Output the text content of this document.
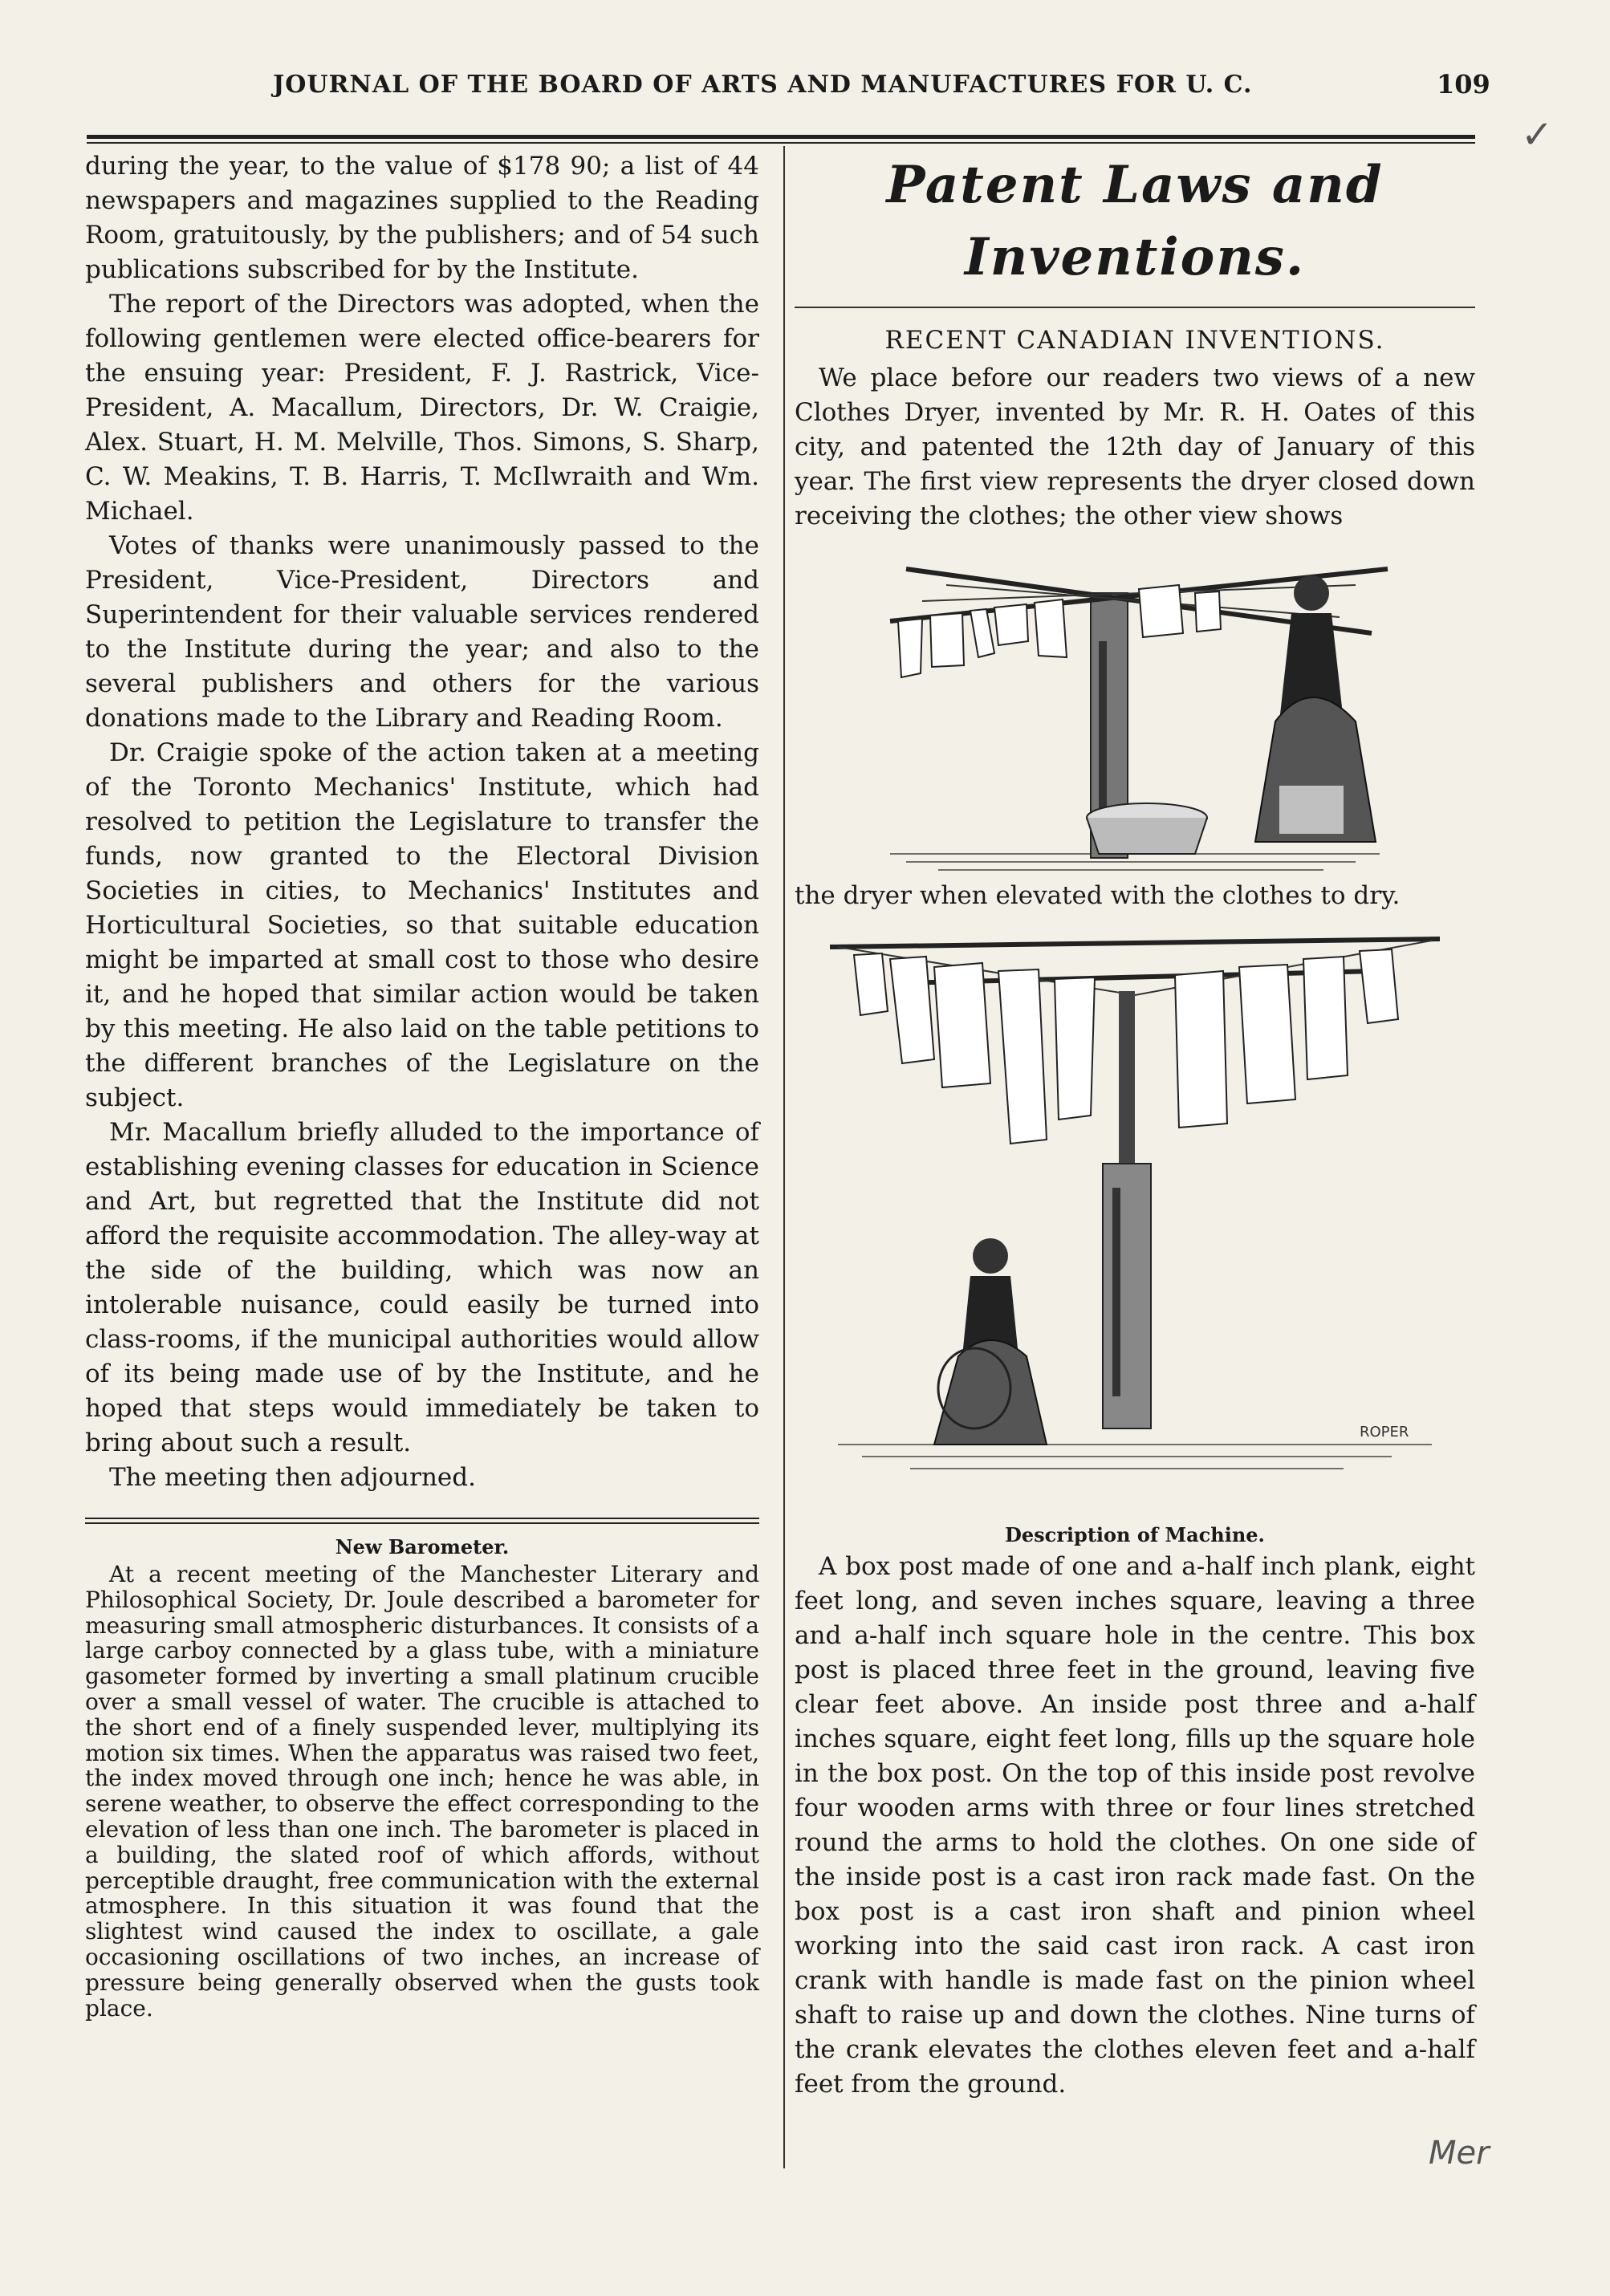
JOURNAL OF THE BOARD OF ARTS AND MANUFACTURES FOR U. C.	109
✓

during the year, to the value of $178 90; a list of 44 newspapers and magazines supplied to the Reading Room, gratuitously, by the publishers; and of 54 such publications subscribed for by the Institute.

The report of the Directors was adopted, when the following gentlemen were elected office-bearers for the ensuing year: President, F. J. Rastrick, Vice-President, A. Macallum, Directors, Dr. W. Craigie, Alex. Stuart, H. M. Melville, Thos. Simons, S. Sharp, C. W. Meakins, T. B. Harris, T. McIlwraith and Wm. Michael.

Votes of thanks were unanimously passed to the President, Vice-President, Directors and Superintendent for their valuable services rendered to the Institute during the year; and also to the several publishers and others for the various donations made to the Library and Reading Room.

Dr. Craigie spoke of the action taken at a meeting of the Toronto Mechanics' Institute, which had resolved to petition the Legislature to transfer the funds, now granted to the Electoral Division Societies in cities, to Mechanics' Institutes and Horticultural Societies, so that suitable education might be imparted at small cost to those who desire it, and he hoped that similar action would be taken by this meeting. He also laid on the table petitions to the different branches of the Legislature on the subject.

Mr. Macallum briefly alluded to the importance of establishing evening classes for education in Science and Art, but regretted that the Institute did not afford the requisite accommodation. The alley-way at the side of the building, which was now an intolerable nuisance, could easily be turned into class-rooms, if the municipal authorities would allow of its being made use of by the Institute, and he hoped that steps would immediately be taken to bring about such a result.

The meeting then adjourned.

New Barometer.

At a recent meeting of the Manchester Literary and Philosophical Society, Dr. Joule described a barometer for measuring small atmospheric disturbances. It consists of a large carboy connected by a glass tube, with a miniature gasometer formed by inverting a small platinum crucible over a small vessel of water. The crucible is attached to the short end of a finely suspended lever, multiplying its motion six times. When the apparatus was raised two feet, the index moved through one inch; hence he was able, in serene weather, to observe the effect corresponding to the elevation of less than one inch. The barometer is placed in a building, the slated roof of which affords, without perceptible draught, free communication with the external atmosphere. In this situation it was found that the slightest wind caused the index to oscillate, a gale occasioning oscillations of two inches, an increase of pressure being generally observed when the gusts took place.

Patent Laws and Inventions.
RECENT CANADIAN INVENTIONS.

We place before our readers two views of a new Clothes Dryer, invented by Mr. R. H. Oates of this city, and patented the 12th day of January of this year. The first view represents the dryer closed down receiving the clothes; the other view shows

the dryer when elevated with the clothes to dry.

ROPER
Description of Machine.

A box post made of one and a-half inch plank, eight feet long, and seven inches square, leaving a three and a-half inch square hole in the centre. This box post is placed three feet in the ground, leaving five clear feet above. An inside post three and a-half inches square, eight feet long, fills up the square hole in the box post. On the top of this inside post revolve four wooden arms with three or four lines stretched round the arms to hold the clothes. On one side of the inside post is a cast iron rack made fast. On the box post is a cast iron shaft and pinion wheel working into the said cast iron rack. A cast iron crank with handle is made fast on the pinion wheel shaft to raise up and down the clothes. Nine turns of the crank elevates the clothes eleven feet and a-half feet from the ground.

Mer
